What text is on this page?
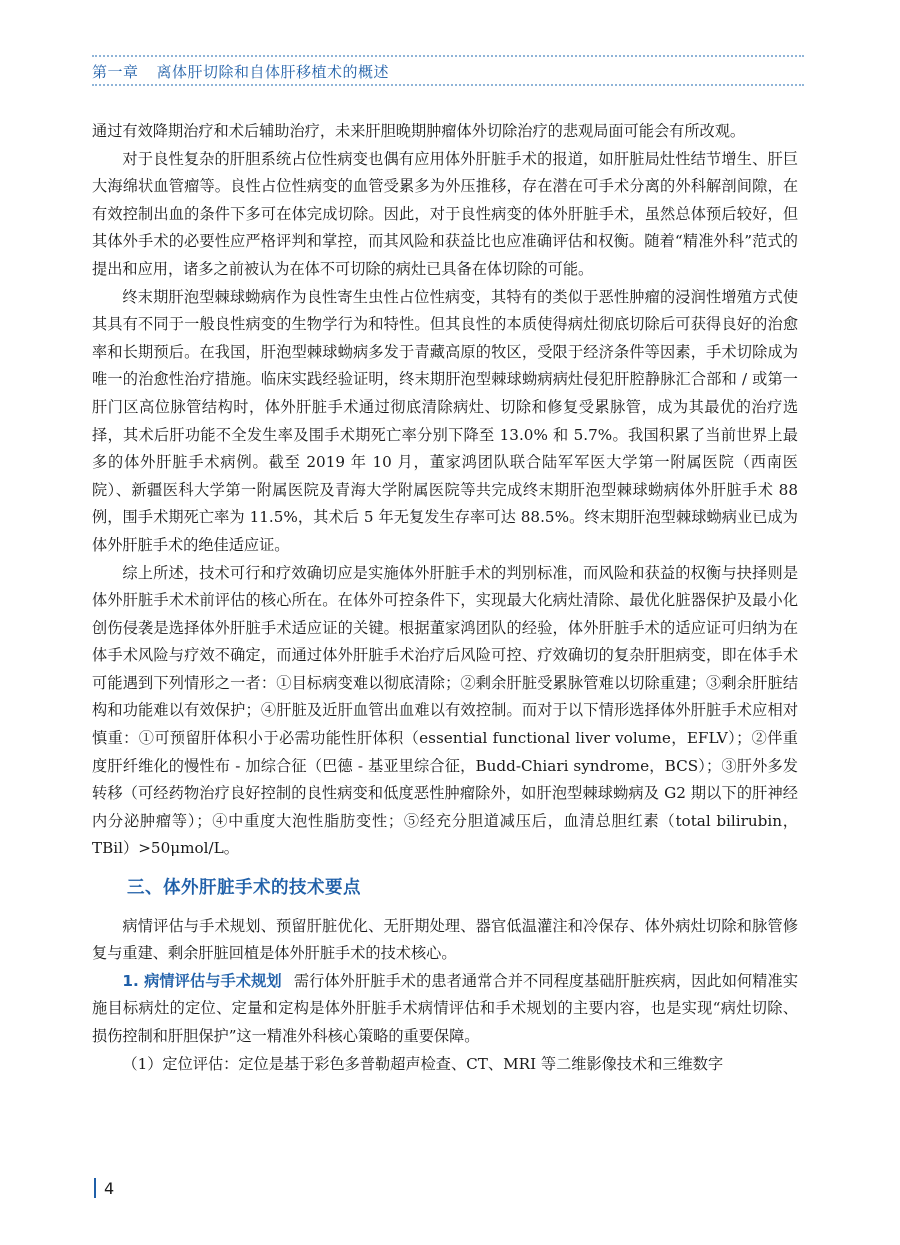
第一章 离体肝切除和自体肝移植术的概述

通过有效降期治疗和术后辅助治疗，未来肝胆晚期肿瘤体外切除治疗的悲观局面可能会有所改观。

对于良性复杂的肝胆系统占位性病变也偶有应用体外肝脏手术的报道，如肝脏局灶性结节增生、肝巨大海绵状血管瘤等。良性占位性病变的血管受累多为外压推移，存在潜在可手术分离的外科解剖间隙，在有效控制出血的条件下多可在体完成切除。因此，对于良性病变的体外肝脏手术，虽然总体预后较好，但其体外手术的必要性应严格评判和掌控，而其风险和获益比也应准确评估和权衡。随着“精准外科”范式的提出和应用，诸多之前被认为在体不可切除的病灶已具备在体切除的可能。

终末期肝泡型棘球蚴病作为良性寄生虫性占位性病变，其特有的类似于恶性肿瘤的浸润性增殖方式使其具有不同于一般良性病变的生物学行为和特性。但其良性的本质使得病灶彻底切除后可获得良好的治愈率和长期预后。在我国，肝泡型棘球蚴病多发于青藏高原的牧区，受限于经济条件等因素，手术切除成为唯一的治愈性治疗措施。临床实践经验证明，终末期肝泡型棘球蚴病病灶侵犯肝腔静脉汇合部和 / 或第一肝门区高位脉管结构时，体外肝脏手术通过彻底清除病灶、切除和修复受累脉管，成为其最优的治疗选择，其术后肝功能不全发生率及围手术期死亡率分别下降至 13.0% 和 5.7%。我国积累了当前世界上最多的体外肝脏手术病例。截至 2019 年 10 月，董家鸿团队联合陆军军医大学第一附属医院（西南医院）、新疆医科大学第一附属医院及青海大学附属医院等共完成终末期肝泡型棘球蚴病体外肝脏手术 88 例，围手术期死亡率为 11.5%，其术后 5 年无复发生存率可达 88.5%。终末期肝泡型棘球蚴病业已成为体外肝脏手术的绝佳适应证。

综上所述，技术可行和疗效确切应是实施体外肝脏手术的判别标准，而风险和获益的权衡与抉择则是体外肝脏手术术前评估的核心所在。在体外可控条件下，实现最大化病灶清除、最优化脏器保护及最小化创伤侵袭是选择体外肝脏手术适应证的关键。根据董家鸿团队的经验，体外肝脏手术的适应证可归纳为在体手术风险与疗效不确定，而通过体外肝脏手术治疗后风险可控、疗效确切的复杂肝胆病变，即在体手术可能遇到下列情形之一者：①目标病变难以彻底清除；②剩余肝脏受累脉管难以切除重建；③剩余肝脏结构和功能难以有效保护；④肝脏及近肝血管出血难以有效控制。而对于以下情形选择体外肝脏手术应相对慎重：①可预留肝体积小于必需功能性肝体积（essential functional liver volume，EFLV）；②伴重度肝纤维化的慢性布 - 加综合征（巴德 - 基亚里综合征，Budd-Chiari syndrome，BCS）；③肝外多发转移（可经药物治疗良好控制的良性病变和低度恶性肿瘤除外，如肝泡型棘球蚴病及 G2 期以下的肝神经内分泌肿瘤等）；④中重度大泡性脂肪变性；⑤经充分胆道减压后，血清总胆红素（total bilirubin，TBil）>50μmol/L。

三、体外肝脏手术的技术要点

病情评估与手术规划、预留肝脏优化、无肝期处理、器官低温灌注和冷保存、体外病灶切除和脉管修复与重建、剩余肝脏回植是体外肝脏手术的技术核心。

1. 病情评估与手术规划 需行体外肝脏手术的患者通常合并不同程度基础肝脏疾病，因此如何精准实施目标病灶的定位、定量和定构是体外肝脏手术病情评估和手术规划的主要内容，也是实现“病灶切除、损伤控制和肝胆保护”这一精准外科核心策略的重要保障。

（1）定位评估：定位是基于彩色多普勒超声检查、CT、MRI 等二维影像技术和三维数字

4
